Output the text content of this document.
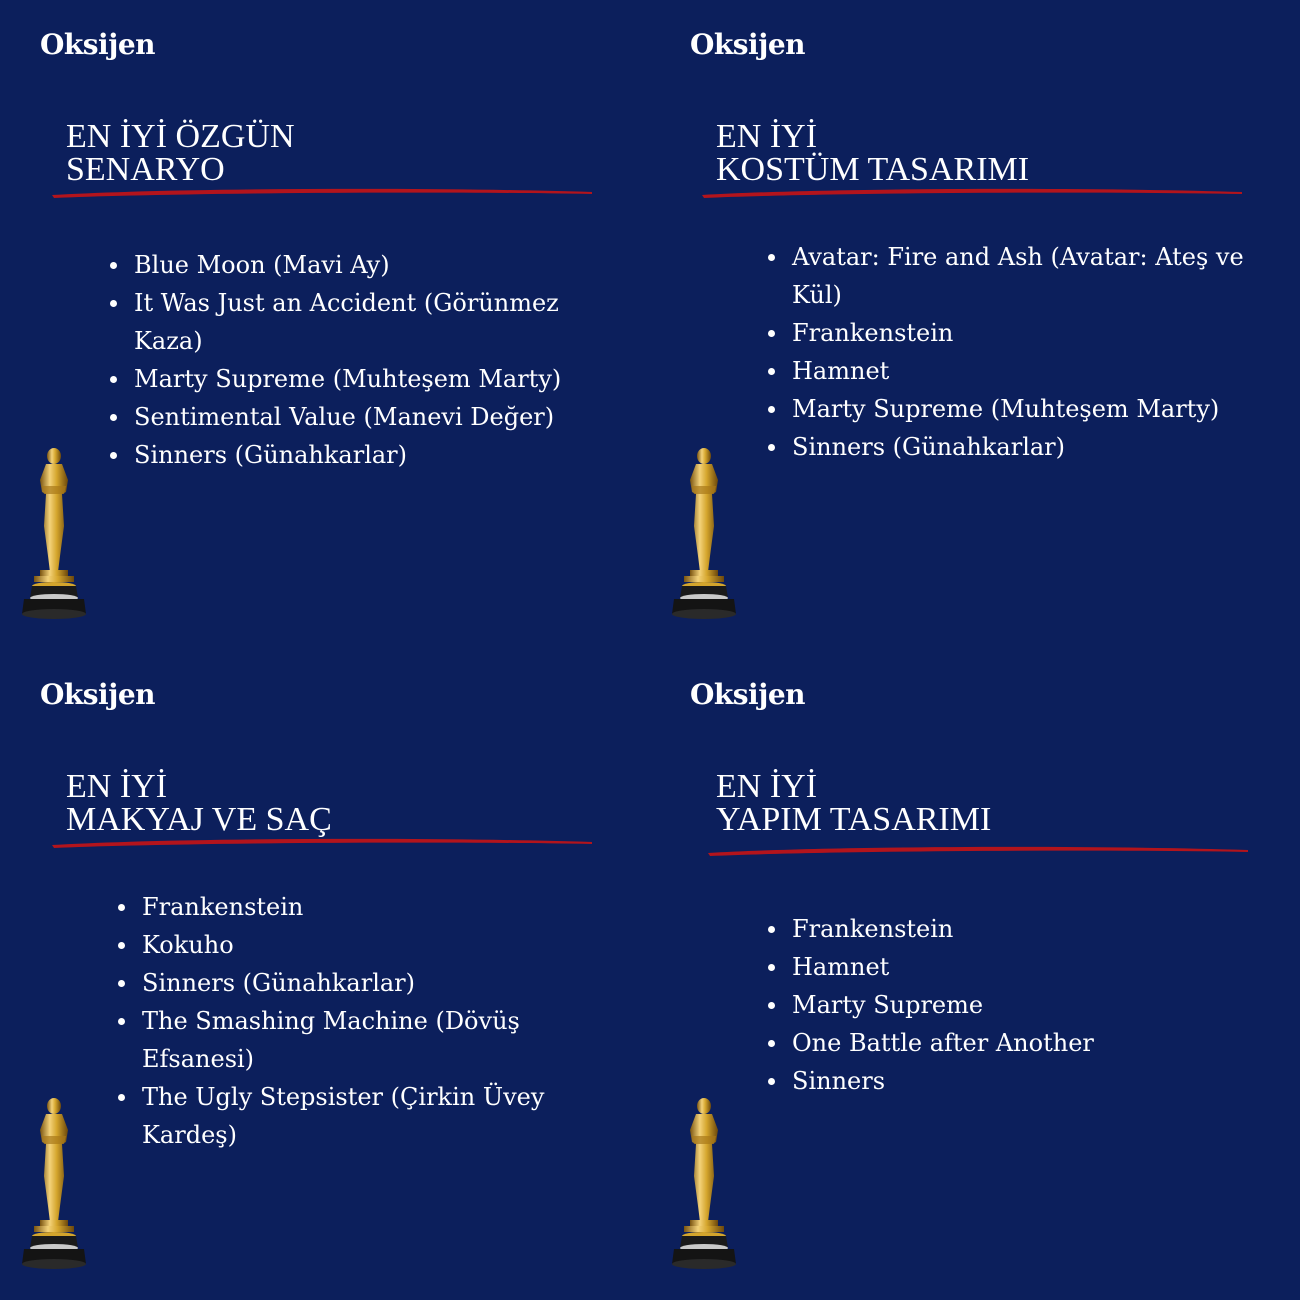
Oksijen
EN İYİ ÖZGÜN
SENARYO
Blue Moon (Mavi Ay)
It Was Just an Accident (Görünmez Kaza)
Marty Supreme (Muhteşem Marty)
Sentimental Value (Manevi Değer)
Sinners (Günahkarlar)
Oksijen
EN İYİ
KOSTÜM TASARIMI
Avatar: Fire and Ash (Avatar: Ateş ve Kül)
Frankenstein
Hamnet
Marty Supreme (Muhteşem Marty)
Sinners (Günahkarlar)
Oksijen
EN İYİ
MAKYAJ VE SAÇ
Frankenstein
Kokuho
Sinners (Günahkarlar)
The Smashing Machine (Dövüş Efsanesi)
The Ugly Stepsister (Çirkin Üvey Kardeş)
Oksijen
EN İYİ
YAPIM TASARIMI
Frankenstein
Hamnet
Marty Supreme
One Battle after Another
Sinners
